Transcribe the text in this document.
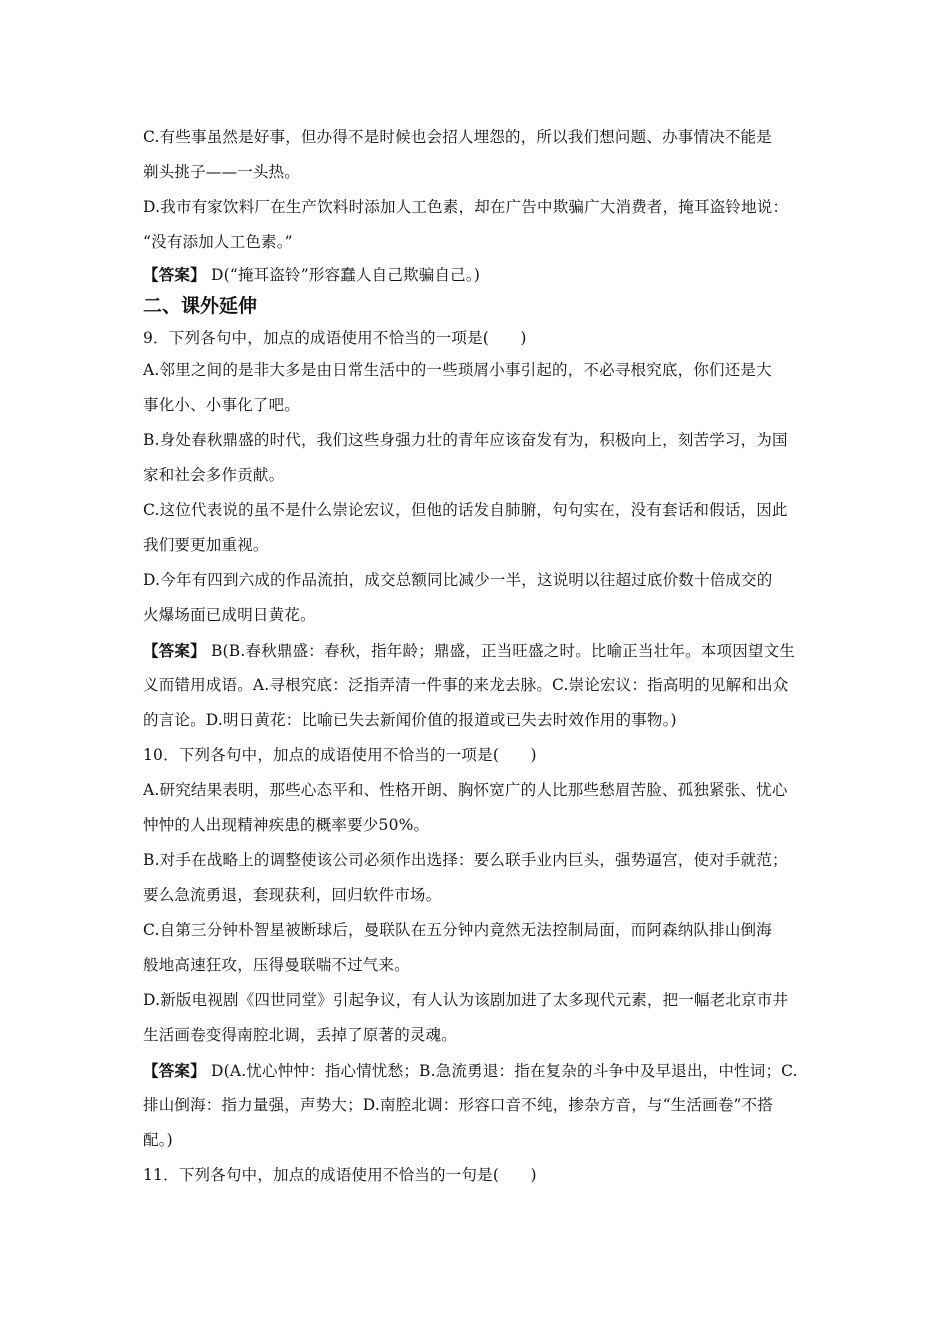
C.有些事虽然是好事，但办得不是时候也会招人埋怨的，所以我们想问题、办事情决不能是
剃头挑子——一头热。
D.我市有家饮料厂在生产饮料时添加人工色素，却在广告中欺骗广大消费者，掩耳盗铃地说：
“没有添加人工色素。”
【答案】 D(“掩耳盗铃”形容蠢人自己欺骗自己。)
二、课外延伸
9．下列各句中，加点的成语使用不恰当的一项是(　　)
A.邻里之间的是非大多是由日常生活中的一些琐屑小事引起的，不必寻根究底，你们还是大
事化小、小事化了吧。
B.身处春秋鼎盛的时代，我们这些身强力壮的青年应该奋发有为，积极向上，刻苦学习，为国
家和社会多作贡献。
C.这位代表说的虽不是什么崇论宏议，但他的话发自肺腑，句句实在，没有套话和假话，因此
我们要更加重视。
D.今年有四到六成的作品流拍，成交总额同比减少一半，这说明以往超过底价数十倍成交的
火爆场面已成明日黄花。
【答案】 B(B.春秋鼎盛：春秋，指年龄；鼎盛，正当旺盛之时。比喻正当壮年。本项因望文生
义而错用成语。A.寻根究底：泛指弄清一件事的来龙去脉。C.崇论宏议：指高明的见解和出众
的言论。D.明日黄花：比喻已失去新闻价值的报道或已失去时效作用的事物。)
10．下列各句中，加点的成语使用不恰当的一项是(　　)
A.研究结果表明，那些心态平和、性格开朗、胸怀宽广的人比那些愁眉苦脸、孤独紧张、忧心
忡忡的人出现精神疾患的概率要少50%。
B.对手在战略上的调整使该公司必须作出选择：要么联手业内巨头，强势逼宫，使对手就范；
要么急流勇退，套现获利，回归软件市场。
C.自第三分钟朴智星被断球后，曼联队在五分钟内竟然无法控制局面，而阿森纳队排山倒海
般地高速狂攻，压得曼联喘不过气来。
D.新版电视剧《四世同堂》引起争议，有人认为该剧加进了太多现代元素，把一幅老北京市井
生活画卷变得南腔北调，丢掉了原著的灵魂。
【答案】 D(A.忧心忡忡：指心情忧愁；B.急流勇退：指在复杂的斗争中及早退出，中性词；C.
排山倒海：指力量强，声势大；D.南腔北调：形容口音不纯，掺杂方音，与“生活画卷”不搭
配。)
11．下列各句中，加点的成语使用不恰当的一句是(　　)
